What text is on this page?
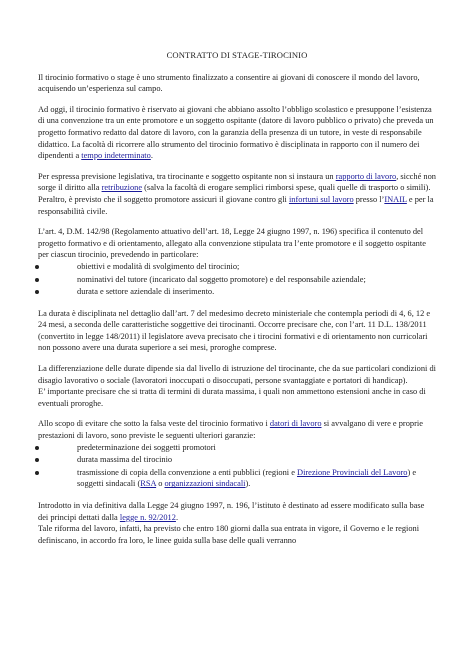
CONTRATTO DI STAGE-TIROCINIO

Il tirocinio formativo o stage è uno strumento finalizzato a consentire ai giovani di conoscere il mondo del lavoro, acquisendo un’esperienza sul campo.

Ad oggi, il tirocinio formativo è riservato ai giovani che abbiano assolto l’obbligo scolastico e presuppone l’esistenza di una convenzione tra un ente promotore e un soggetto ospitante (datore di lavoro pubblico o privato) che preveda un progetto formativo redatto dal datore di lavoro, con la garanzia della presenza di un tutore, in veste di responsabile didattico. La facoltà di ricorrere allo strumento del tirocinio formativo è disciplinata in rapporto con il numero dei dipendenti a tempo indeterminato.

Per espressa previsione legislativa, tra tirocinante e soggetto ospitante non si instaura un rapporto di lavoro, sicché non sorge il diritto alla retribuzione (salva la facoltà di erogare semplici rimborsi spese, quali quelle di trasporto o simili).

Peraltro, è previsto che il soggetto promotore assicuri il giovane contro gli infortuni sul lavoro presso l’INAIL e per la responsabilità civile.

L’art. 4, D.M. 142/98 (Regolamento attuativo dell’art. 18, Legge 24 giugno 1997, n. 196) specifica il contenuto del progetto formativo e di orientamento, allegato alla convenzione stipulata tra l’ente promotore e il soggetto ospitante per ciascun tirocinio, prevedendo in particolare:

obiettivi e modalità di svolgimento del tirocinio;
nominativi del tutore (incaricato dal soggetto promotore) e del responsabile aziendale;
durata e settore aziendale di inserimento.

La durata è disciplinata nel dettaglio dall’art. 7 del medesimo decreto ministeriale che contempla periodi di 4, 6, 12 e 24 mesi, a seconda delle caratteristiche soggettive dei tirocinanti. Occorre precisare che, con l’art. 11 D.L. 138/2011 (convertito in legge 148/2011) il legislatore aveva precisato che i tirocini formativi e di orientamento non curricolari non possono avere una durata superiore a sei mesi, proroghe comprese.

La differenziazione delle durate dipende sia dal livello di istruzione del tirocinante, che da sue particolari condizioni di disagio lavorativo o sociale (lavoratori inoccupati o disoccupati, persone svantaggiate e portatori di handicap).

E’ importante precisare che si tratta di termini di durata massima, i quali non ammettono estensioni anche in caso di eventuali proroghe.

Allo scopo di evitare che sotto la falsa veste del tirocinio formativo i datori di lavoro si avvalgano di vere e proprie prestazioni di lavoro, sono previste le seguenti ulteriori garanzie:

predeterminazione dei soggetti promotori
durata massima del tirocinio
trasmissione di copia della convenzione a enti pubblici (regioni e Direzione Provinciali del Lavoro) e soggetti sindacali (RSA o organizzazioni sindacali).

Introdotto in via definitiva dalla Legge 24 giugno 1997, n. 196, l’istituto è destinato ad essere modificato sulla base dei principi dettati dalla legge n. 92/2012.

Tale riforma del lavoro, infatti, ha previsto che entro 180 giorni dalla sua entrata in vigore, il Governo e le regioni definiscano, in accordo fra loro, le linee guida sulla base delle quali verranno
